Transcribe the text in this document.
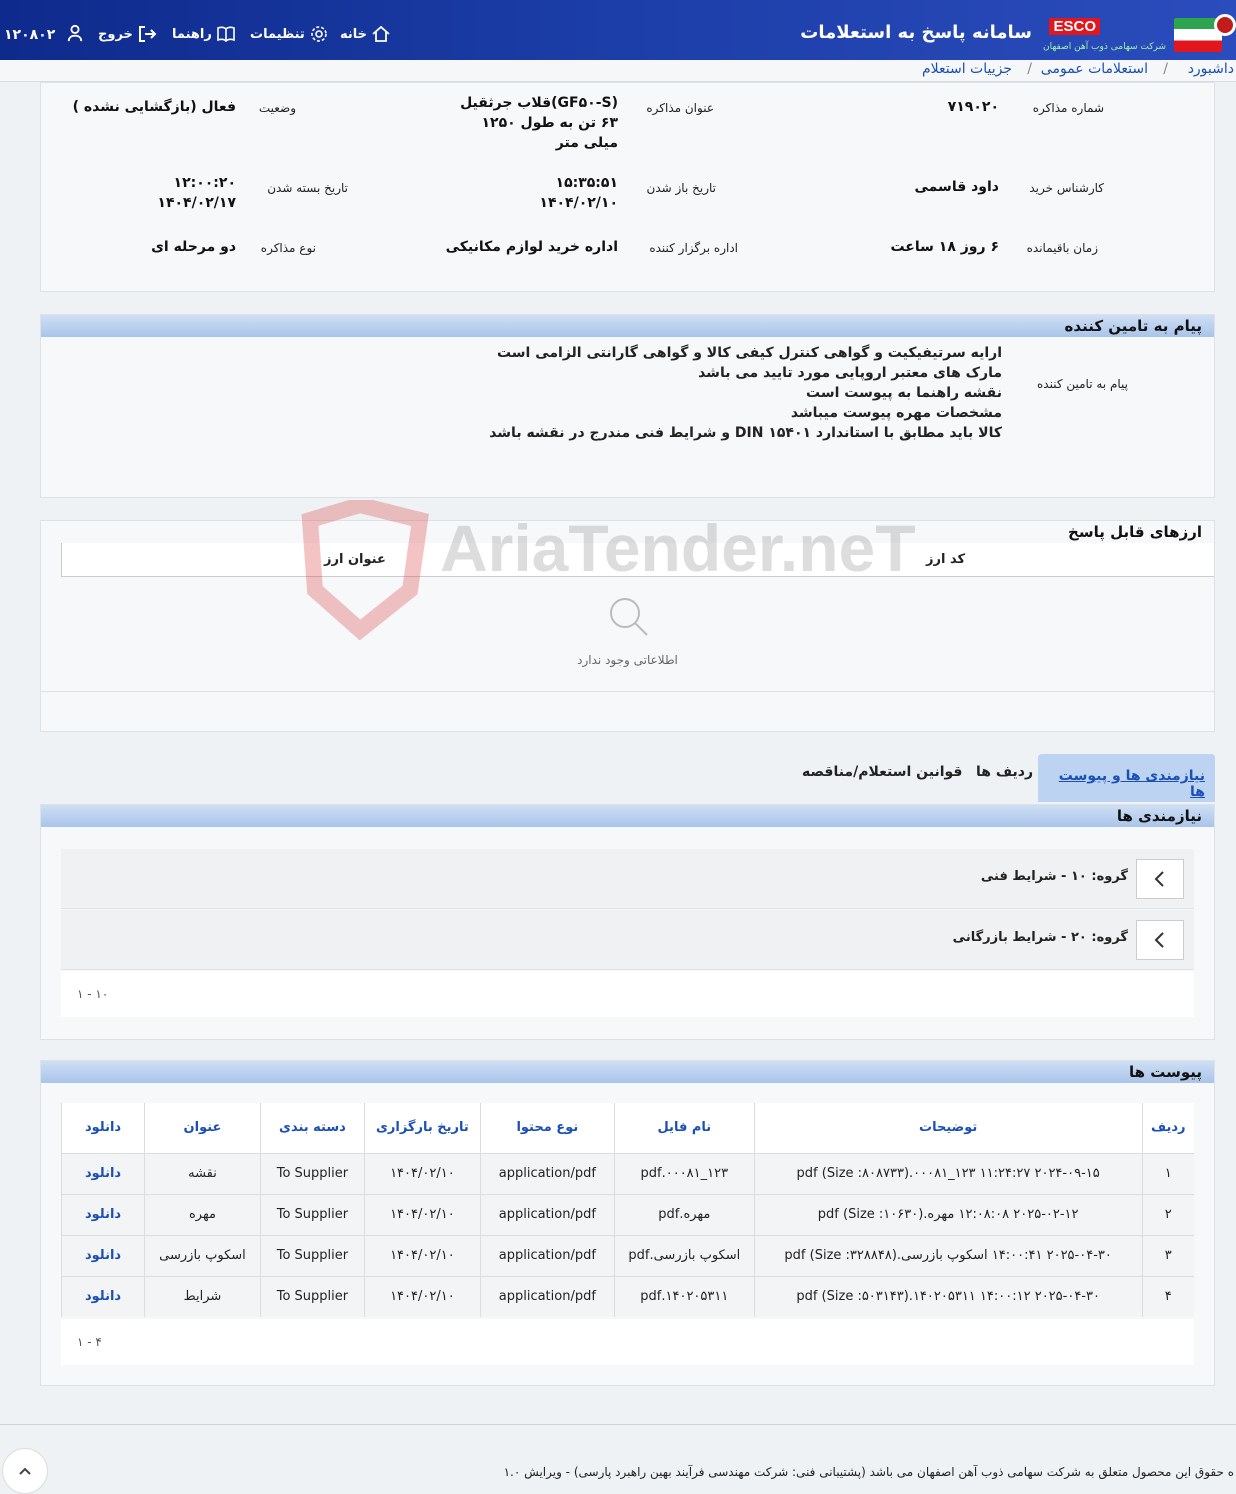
۱۲۰۸۰۲	خروج	راهنما	تنظیمات	خانه	سامانه پاسخ به استعلامات ESCO
شرکت سهامی ذوب آهن اصفهان
داشبورد
/
استعلامات عمومی
/
جزییات استعلام
شماره مذاکره
۷۱۹۰۲۰
عنوان مذاکره
(GF۵۰-S)قلاب جرثقیل
۶۳ تن به طول ۱۲۵۰
میلی متر
وضعیت
فعال (بازگشایی نشده )
کارشناس خرید
داود قاسمی
تاریخ باز شدن
۱۵:۳۵:۵۱
۱۴۰۴/۰۲/۱۰
تاریخ بسته شدن
۱۲:۰۰:۲۰
۱۴۰۴/۰۲/۱۷
زمان باقیمانده
۶ روز ۱۸ ساعت
اداره برگزار کننده
اداره خرید لوازم مکانیکی
نوع مذاکره
دو مرحله ای
پیام به تامین کننده
پیام به تامین کننده
ارایه سرتیفیکیت و گواهی کنترل کیفی کالا و گواهی گارانتی الزامی است
مارک های معتبر اروپایی مورد تایید می باشد
نقشه راهنما به پیوست است
مشخصات مهره پیوست میباشد
کالا باید مطابق با استاندارد DIN ۱۵۴۰۱ و شرایط فنی مندرج در نقشه باشد
ارزهای قابل پاسخ
کد ارز
عنوان ارز
اطلاعاتی وجود ندارد
AriaTender.neT
قوانین استعلام/مناقصه ردیف ها	نیازمندی ها و پیوست ها
نیازمندی ها
گروه: ۱۰ - شرایط فنی
گروه: ۲۰ - شرایط بازرگانی
۱ - ۱۰
پیوست ها
ردیف	توضیحات	نام فایل	نوع محتوا	تاریخ بارگزاری	دسته بندی	عنوان	دانلود
۱	۲۰۲۴-۰۹-۱۵ ۱۱:۲۴:۲۷ ۱۲۳_۰۰۰۸۱.(Size :۸۰۸۷۳۳) pdf	۱۲۳_۰۰۰۸۱.pdf	application/pdf	۱۴۰۴/۰۲/۱۰	To Supplier	نقشه	دانلود
۲	۲۰۲۵-۰۲-۱۲ ۱۲:۰۸:۰۸ مهره.(Size :۱۰۶۳۰) pdf	مهره.pdf	application/pdf	۱۴۰۴/۰۲/۱۰	To Supplier	مهره	دانلود
۳	۲۰۲۵-۰۴-۳۰ ۱۴:۰۰:۴۱ اسکوپ بازرسی.(Size :۳۲۸۸۴۸) pdf	اسکوپ بازرسی.pdf	application/pdf	۱۴۰۴/۰۲/۱۰	To Supplier	اسکوپ بازرسی	دانلود
۴	۲۰۲۵-۰۴-۳۰ ۱۴:۰۰:۱۲ ۱۴۰۲۰۵۳۱۱.(Size :۵۰۳۱۴۳) pdf	۱۴۰۲۰۵۳۱۱.pdf	application/pdf	۱۴۰۴/۰۲/۱۰	To Supplier	شرایط	دانلود
۱ - ۴
ه حقوق این محصول متعلق به شرکت سهامی ذوب آهن اصفهان می باشد (پشتیبانی فنی: شرکت مهندسی فرآیند بهین راهبرد پارسی) - ویرایش ۱.۰
